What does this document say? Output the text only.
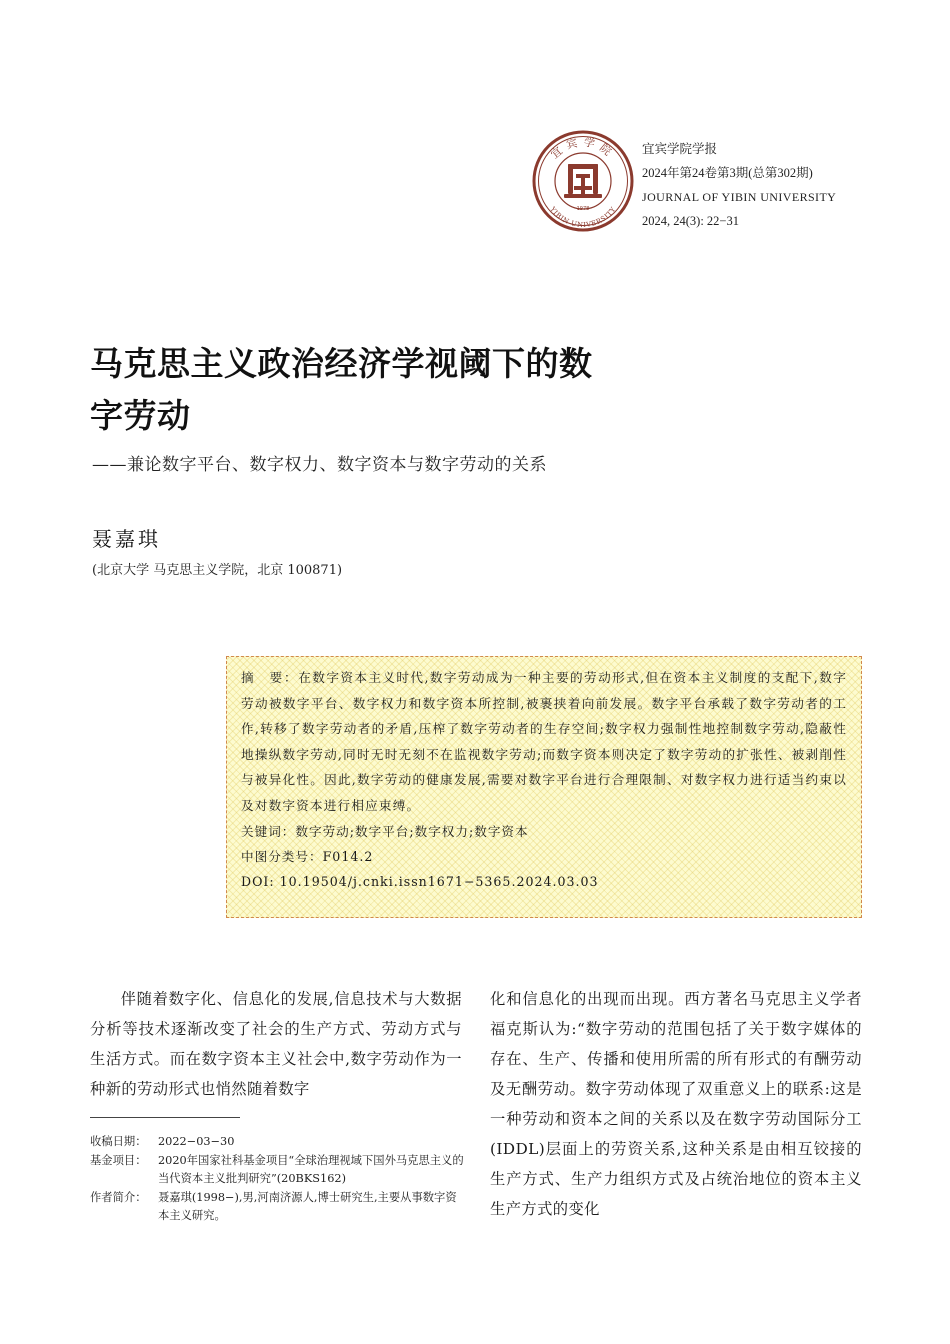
宜宾学院
YIBIN UNIVERSITY
1978
宜宾学院学报
2024年第24卷第3期(总第302期)
JOURNAL OF YIBIN UNIVERSITY
2024, 24(3): 22−31
马克思主义政治经济学视阈下的数
字劳动
——兼论数字平台、数字权力、数字资本与数字劳动的关系
聂嘉琪
(北京大学 马克思主义学院，北京 100871)
摘　要：在数字资本主义时代,数字劳动成为一种主要的劳动形式,但在资本主义制度的支配下,数字劳动被数字平台、数字权力和数字资本所控制,被裹挟着向前发展。数字平台承载了数字劳动者的工作,转移了数字劳动者的矛盾,压榨了数字劳动者的生存空间;数字权力强制性地控制数字劳动,隐蔽性地操纵数字劳动,同时无时无刻不在监视数字劳动;而数字资本则决定了数字劳动的扩张性、被剥削性与被异化性。因此,数字劳动的健康发展,需要对数字平台进行合理限制、对数字权力进行适当约束以及对数字资本进行相应束缚。
关键词：数字劳动;数字平台;数字权力;数字资本
中图分类号：F014.2
DOI: 10.19504/j.cnki.issn1671−5365.2024.03.03

伴随着数字化、信息化的发展,信息技术与大数据分析等技术逐渐改变了社会的生产方式、劳动方式与生活方式。而在数字资本主义社会中,数字劳动作为一种新的劳动形式也悄然随着数字

化和信息化的出现而出现。西方著名马克思主义学者福克斯认为:“数字劳动的范围包括了关于数字媒体的存在、生产、传播和使用所需的所有形式的有酬劳动及无酬劳动。数字劳动体现了双重意义上的联系:这是一种劳动和资本之间的关系以及在数字劳动国际分工(IDDL)层面上的劳资关系,这种关系是由相互铰接的生产方式、生产力组织方式及占统治地位的资本主义生产方式的变化

收稿日期：	2022−03−30
基金项目：	2020年国家社科基金项目“全球治理视域下国外马克思主义的当代资本主义批判研究”(20BKS162)
作者简介：	聂嘉琪(1998−),男,河南济源人,博士研究生,主要从事数字资本主义研究。
